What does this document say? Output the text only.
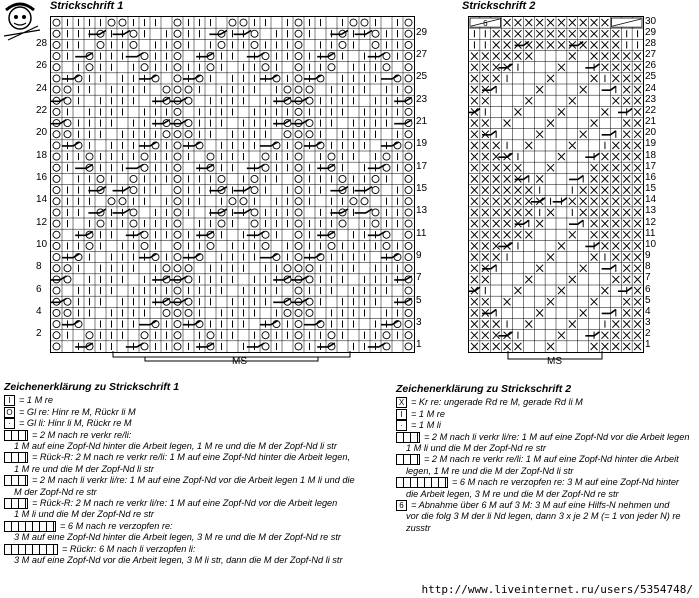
Strickschrift 1
28
26
24
22
20
18
16
14
12
10
8
6
4
2
29
27
25
23
21
19
17
15
13
11
9
7
5
3
1
MS
Strickschrift 2
6	30
29
28
27
26
25
24
23
22
21
20
19
18
17
16
15
14
13
12
11
10
9
8
7
6
5
4
3
2
1
MS
Zeichenerklärung zu Strickschrift 1
I = 1 M re
O = Gl re: Hinr re M, Rückr li M
· = Gl li: Hinr li M, Rückr re M
= 2 M nach re verkr re/li:
1 M auf eine Zopf-Nd hinter die Arbeit legen, 1 M re und die M der Zopf-Nd li str
= Rück-R: 2 M nach re verkr re/li: 1 M auf eine Zopf-Nd hinter die Arbeit legen,
1 M re und die M der Zopf-Nd li str
= 2 M nach li verkr li/re: 1 M auf eine Zopf-Nd vor die Arbeit legen 1 M li und die
M der Zopf-Nd re str
= Rück-R: 2 M nach re verkr li/re: 1 M auf eine Zopf-Nd vor die Arbeit legen
1 M li und die M der Zopf-Nd re str
= 6 M nach re verzopfen re:
3 M auf eine Zopf-Nd hinter die Arbeit legen, 3 M re und die M der Zopf-Nd re str
= Rückr: 6 M nach li verzopfen li:
3 M auf eine Zopf-Nd vor die Arbeit legen, 3 M li str, dann die M der Zopf-Nd li str
Zeichenerklärung zu Strickschrift 2
X = Kr re: ungerade Rd re M, gerade Rd li M
I = 1 M re
· = 1 M li
= 2 M nach li verkr li/re: 1 M auf eine Zopf-Nd vor die Arbeit legen
1 M li und die M der Zopf-Nd re str
= 2 M nach re verkr re/li: 1 M auf eine Zopf-Nd hinter die Arbeit
legen, 1 M re und die M der Zopf-Nd li str
= 6 M nach re verzopfen re: 3 M auf eine Zopf-Nd hinter
die Arbeit legen, 3 M re und die M der Zopf-Nd re str
6 = Abnahme über 6 M auf 3 M: 3 M auf eine Hilfs-N nehmen und
vor die folg 3 M der li Nd legen, dann 3 x je 2 M (= 1 von jeder N) re zusstr
http://www.liveinternet.ru/users/5354748/
